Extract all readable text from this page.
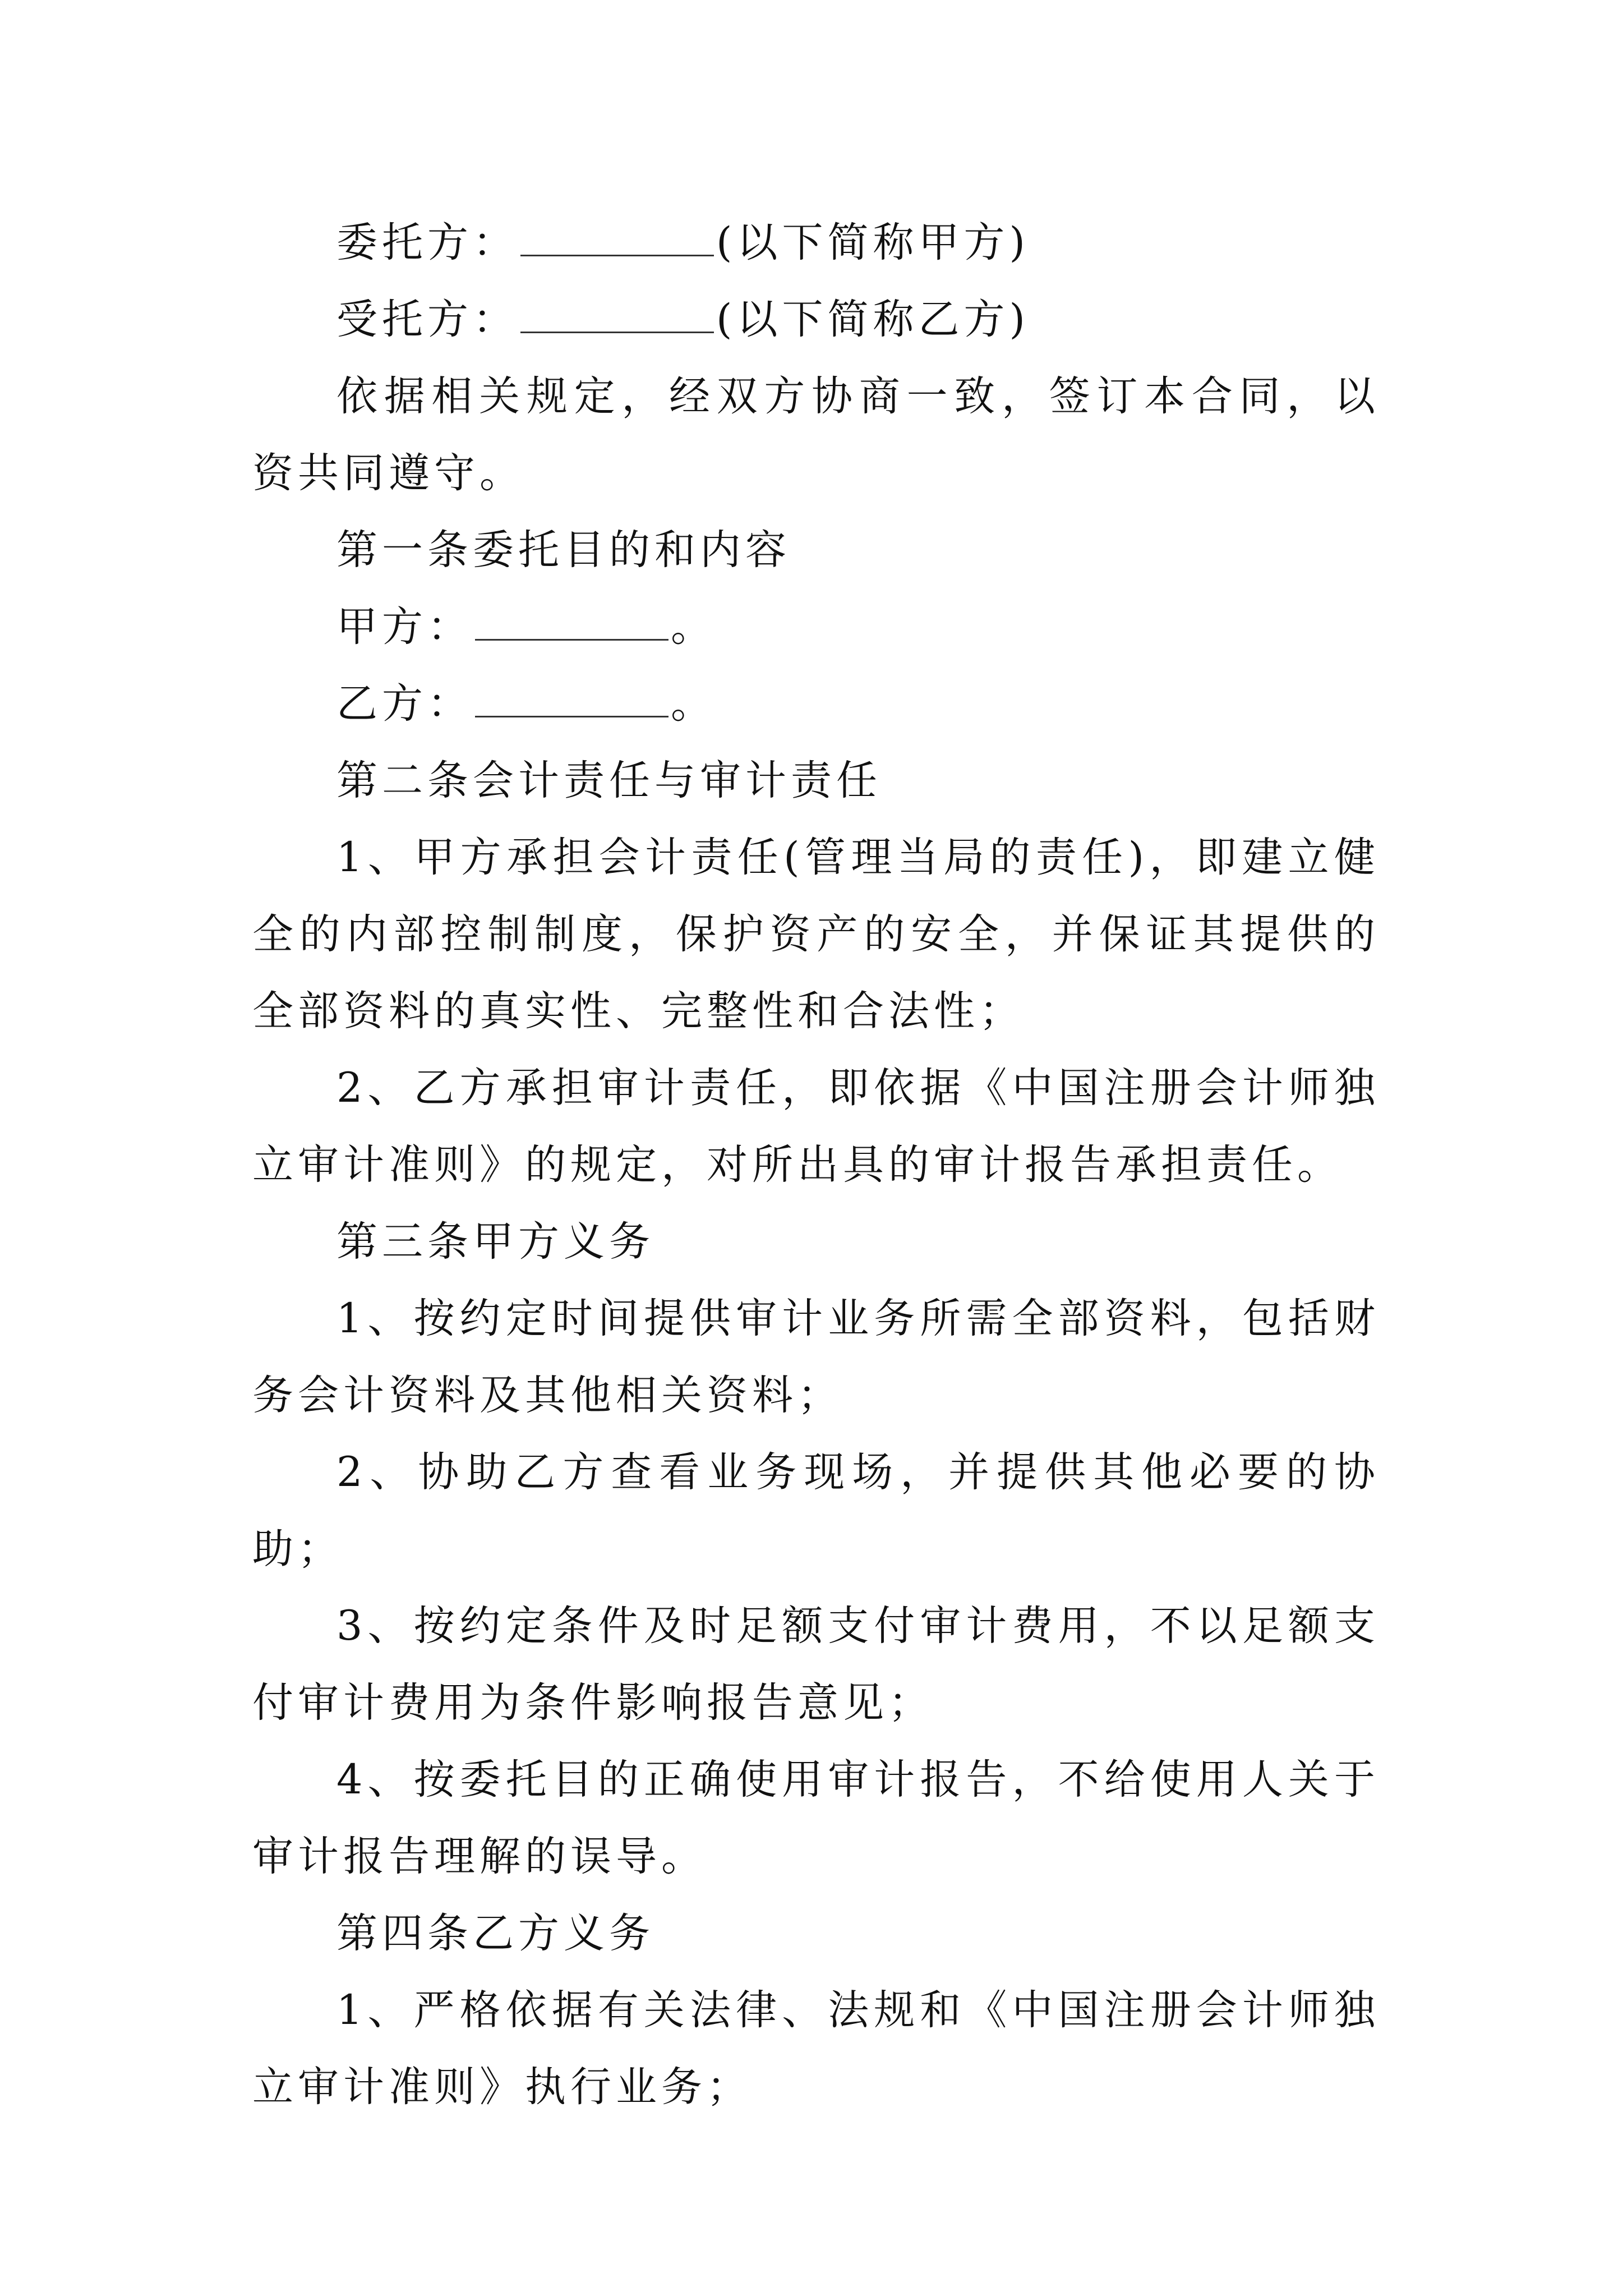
委托方：	(以下简称甲方)

受托方：	(以下简称乙方)

依据相关规定，经双方协商一致，签订本合同，以资共同遵守。

第一条委托目的和内容

甲方：	。

乙方：	。

第二条会计责任与审计责任

1、甲方承担会计责任(管理当局的责任)，即建立健全的内部控制制度，保护资产的安全，并保证其提供的全部资料的真实性、完整性和合法性；

2、乙方承担审计责任，即依据《中国注册会计师独立审计准则》的规定，对所出具的审计报告承担责任。

第三条甲方义务

1、按约定时间提供审计业务所需全部资料，包括财务会计资料及其他相关资料；

2、协助乙方查看业务现场，并提供其他必要的协助；

3、按约定条件及时足额支付审计费用，不以足额支付审计费用为条件影响报告意见；

4、按委托目的正确使用审计报告，不给使用人关于审计报告理解的误导。

第四条乙方义务

1、严格依据有关法律、法规和《中国注册会计师独立审计准则》执行业务；
